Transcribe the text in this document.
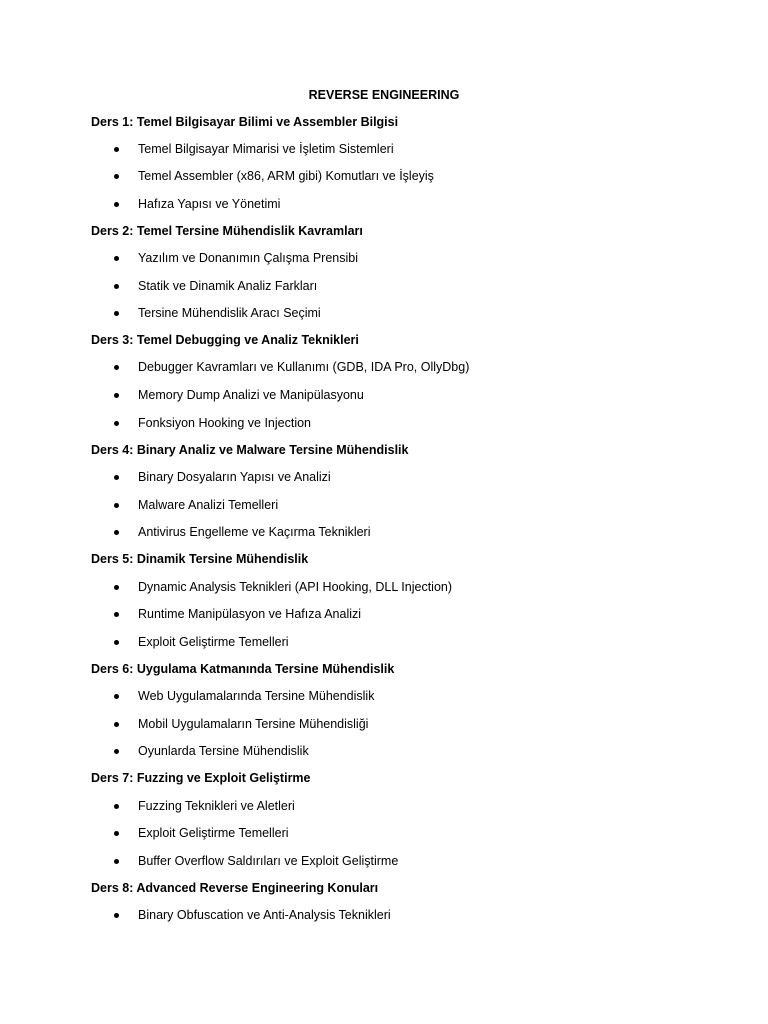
REVERSE ENGINEERING
Ders 1: Temel Bilgisayar Bilimi ve Assembler Bilgisi
Temel Bilgisayar Mimarisi ve İşletim Sistemleri
Temel Assembler (x86, ARM gibi) Komutları ve İşleyiş
Hafıza Yapısı ve Yönetimi
Ders 2: Temel Tersine Mühendislik Kavramları
Yazılım ve Donanımın Çalışma Prensibi
Statik ve Dinamik Analiz Farkları
Tersine Mühendislik Aracı Seçimi
Ders 3: Temel Debugging ve Analiz Teknikleri
Debugger Kavramları ve Kullanımı (GDB, IDA Pro, OllyDbg)
Memory Dump Analizi ve Manipülasyonu
Fonksiyon Hooking ve Injection
Ders 4: Binary Analiz ve Malware Tersine Mühendislik
Binary Dosyaların Yapısı ve Analizi
Malware Analizi Temelleri
Antivirus Engelleme ve Kaçırma Teknikleri
Ders 5: Dinamik Tersine Mühendislik
Dynamic Analysis Teknikleri (API Hooking, DLL Injection)
Runtime Manipülasyon ve Hafıza Analizi
Exploit Geliştirme Temelleri
Ders 6: Uygulama Katmanında Tersine Mühendislik
Web Uygulamalarında Tersine Mühendislik
Mobil Uygulamaların Tersine Mühendisliği
Oyunlarda Tersine Mühendislik
Ders 7: Fuzzing ve Exploit Geliştirme
Fuzzing Teknikleri ve Aletleri
Exploit Geliştirme Temelleri
Buffer Overflow Saldırıları ve Exploit Geliştirme
Ders 8: Advanced Reverse Engineering Konuları
Binary Obfuscation ve Anti-Analysis Teknikleri
